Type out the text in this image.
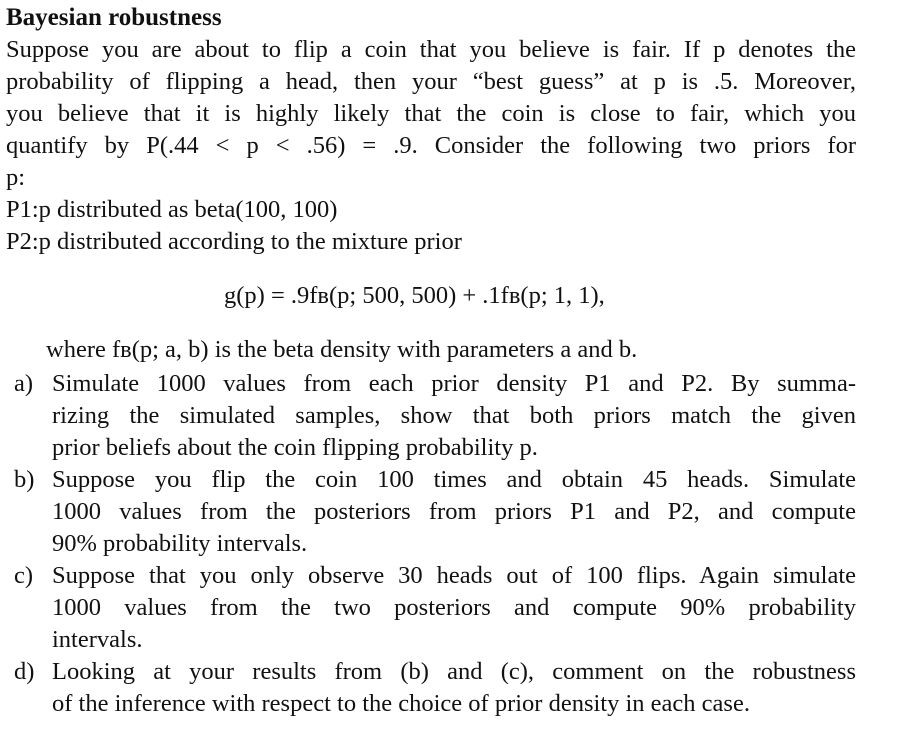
Bayesian robustness
Suppose you are about to flip a coin that you believe is fair. If p denotes the
probability of flipping a head, then your “best guess” at p is .5. Moreover,
you believe that it is highly likely that the coin is close to fair, which you
quantify by P(.44 < p < .56) = .9. Consider the following two priors for
p:

P1:p distributed as beta(100, 100)

P2:p distributed according to the mixture prior

g(p) = .9fʙ(p; 500, 500) + .1fʙ(p; 1, 1),

where fʙ(p; a, b) is the beta density with parameters a and b.

a) Simulate 1000 values from each prior density P1 and P2. By summa-
rizing the simulated samples, show that both priors match the given
prior beliefs about the coin flipping probability p.
b) Suppose you flip the coin 100 times and obtain 45 heads. Simulate
1000 values from the posteriors from priors P1 and P2, and compute
90% probability intervals.
c) Suppose that you only observe 30 heads out of 100 flips. Again simulate
1000 values from the two posteriors and compute 90% probability
intervals.
d) Looking at your results from (b) and (c), comment on the robustness
of the inference with respect to the choice of prior density in each case.
